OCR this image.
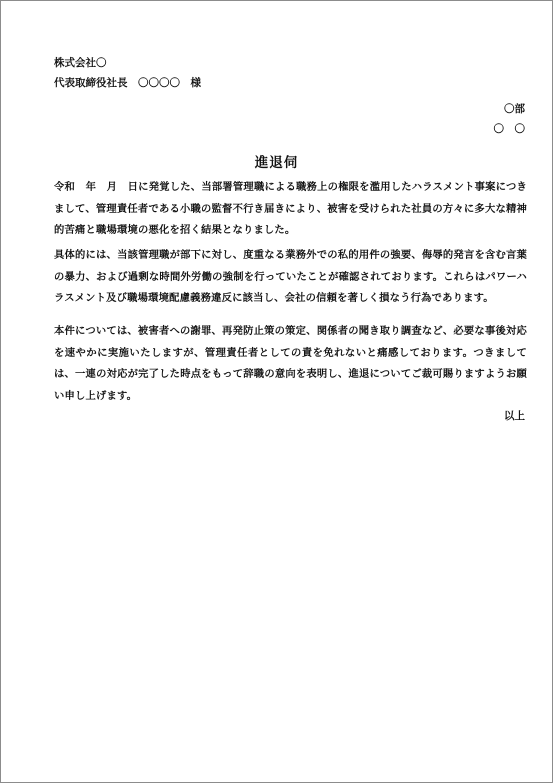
株式会社〇
代表取締役社長　〇〇〇〇　様
〇部
〇　〇
進退伺
令和　年　月　日に発覚した、当部署管理職による職務上の権限を濫用したハラスメント事案につきまして、管理責任者である小職の監督不行き届きにより、被害を受けられた社員の方々に多大な精神的苦痛と職場環境の悪化を招く結果となりました。
具体的には、当該管理職が部下に対し、度重なる業務外での私的用件の強要、侮辱的発言を含む言葉の暴力、および過剰な時間外労働の強制を行っていたことが確認されております。これらはパワーハラスメント及び職場環境配慮義務違反に該当し、会社の信頼を著しく損なう行為であります。
本件については、被害者への謝罪、再発防止策の策定、関係者の聞き取り調査など、必要な事後対応を速やかに実施いたしますが、管理責任者としての責を免れないと痛感しております。つきましては、一連の対応が完了した時点をもって辞職の意向を表明し、進退についてご裁可賜りますようお願い申し上げます。
以上
